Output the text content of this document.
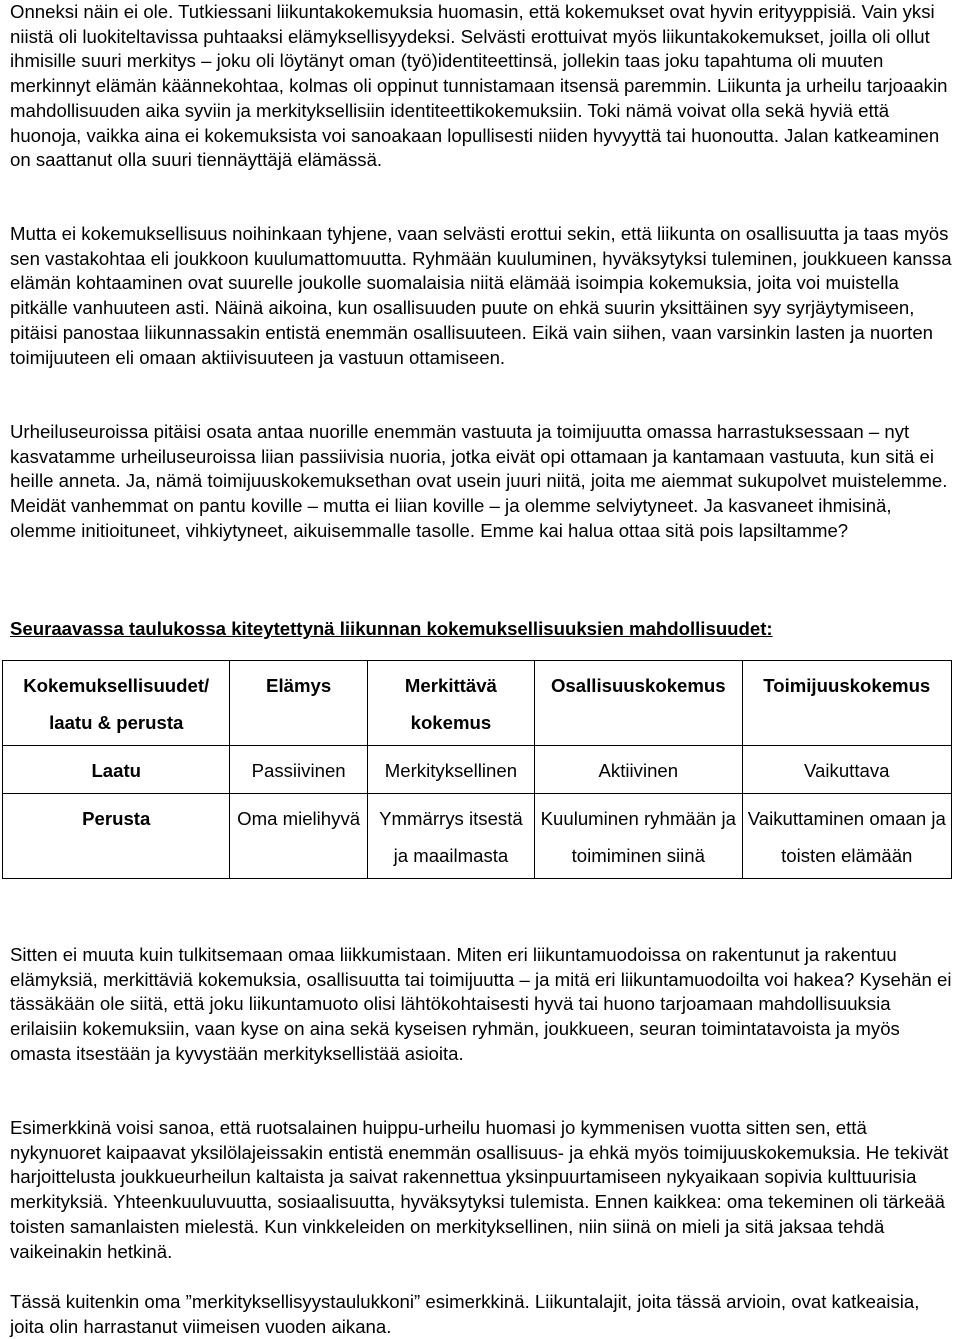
Onneksi näin ei ole. Tutkiessani liikuntakokemuksia huomasin, että kokemukset ovat hyvin erityyppisiä. Vain yksi niistä oli luokiteltavissa puhtaaksi elämyksellisyydeksi. Selvästi erottuivat myös liikuntakokemukset, joilla oli ollut ihmisille suuri merkitys – joku oli löytänyt oman (työ)identiteettinsä, jollekin taas joku tapahtuma oli muuten merkinnyt elämän käännekohtaa, kolmas oli oppinut tunnistamaan itsensä paremmin. Liikunta ja urheilu tarjoaakin mahdollisuuden aika syviin ja merkityksellisiin identiteettikokemuksiin. Toki nämä voivat olla sekä hyviä että huonoja, vaikka aina ei kokemuksista voi sanoakaan lopullisesti niiden hyvyyttä tai huonoutta. Jalan katkeaminen on saattanut olla suuri tiennäyttäjä elämässä.

Mutta ei kokemuksellisuus noihinkaan tyhjene, vaan selvästi erottui sekin, että liikunta on osallisuutta ja taas myös sen vastakohtaa eli joukkoon kuulumattomuutta. Ryhmään kuuluminen, hyväksytyksi tuleminen, joukkueen kanssa elämän kohtaaminen ovat suurelle joukolle suomalaisia niitä elämää isoimpia kokemuksia, joita voi muistella pitkälle vanhuuteen asti. Näinä aikoina, kun osallisuuden puute on ehkä suurin yksittäinen syy syrjäytymiseen, pitäisi panostaa liikunnassakin entistä enemmän osallisuuteen. Eikä vain siihen, vaan varsinkin lasten ja nuorten toimijuuteen eli omaan aktiivisuuteen ja vastuun ottamiseen.

Urheiluseuroissa pitäisi osata antaa nuorille enemmän vastuuta ja toimijuutta omassa harrastuksessaan – nyt kasvatamme urheiluseuroissa liian passiivisia nuoria, jotka eivät opi ottamaan ja kantamaan vastuuta, kun sitä ei heille anneta. Ja, nämä toimijuuskokemuksethan ovat usein juuri niitä, joita me aiemmat sukupolvet muistelemme. Meidät vanhemmat on pantu koville – mutta ei liian koville – ja olemme selviytyneet. Ja kasvaneet ihmisinä, olemme initioituneet, vihkiytyneet, aikuisemmalle tasolle. Emme kai halua ottaa sitä pois lapsiltamme?

Seuraavassa taulukossa kiteytettynä liikunnan kokemuksellisuuksien mahdollisuudet:

Kokemuksellisuudet/ laatu & perusta	Elämys	Merkittävä kokemus	Osallisuuskokemus	Toimijuuskokemus
Laatu	Passiivinen	Merkityksellinen	Aktiivinen	Vaikuttava
Perusta	Oma mielihyvä	Ymmärrys itsestä ja maailmasta	Kuuluminen ryhmään ja toimiminen siinä	Vaikuttaminen omaan ja toisten elämään

Sitten ei muuta kuin tulkitsemaan omaa liikkumistaan. Miten eri liikuntamuodoissa on rakentunut ja rakentuu elämyksiä, merkittäviä kokemuksia, osallisuutta tai toimijuutta – ja mitä eri liikuntamuodoilta voi hakea? Kysehän ei tässäkään ole siitä, että joku liikuntamuoto olisi lähtökohtaisesti hyvä tai huono tarjoamaan mahdollisuuksia erilaisiin kokemuksiin, vaan kyse on aina sekä kyseisen ryhmän, joukkueen, seuran toimintatavoista ja myös omasta itsestään ja kyvystään merkityksellistää asioita.

Esimerkkinä voisi sanoa, että ruotsalainen huippu-urheilu huomasi jo kymmenisen vuotta sitten sen, että nykynuoret kaipaavat yksilölajeissakin entistä enemmän osallisuus- ja ehkä myös toimijuuskokemuksia. He tekivät harjoittelusta joukkueurheilun kaltaista ja saivat rakennettua yksinpuurtamiseen nykyaikaan sopivia kulttuurisia merkityksiä. Yhteenkuuluvuutta, sosiaalisuutta, hyväksytyksi tulemista. Ennen kaikkea: oma tekeminen oli tärkeää toisten samanlaisten mielestä. Kun vinkkeleiden on merkityksellinen, niin siinä on mieli ja sitä jaksaa tehdä vaikeinakin hetkinä.

Tässä kuitenkin oma ”merkityksellisyystaulukkoni” esimerkkinä. Liikuntalajit, joita tässä arvioin, ovat katkeaisia, joita olin harrastanut viimeisen vuoden aikana.
